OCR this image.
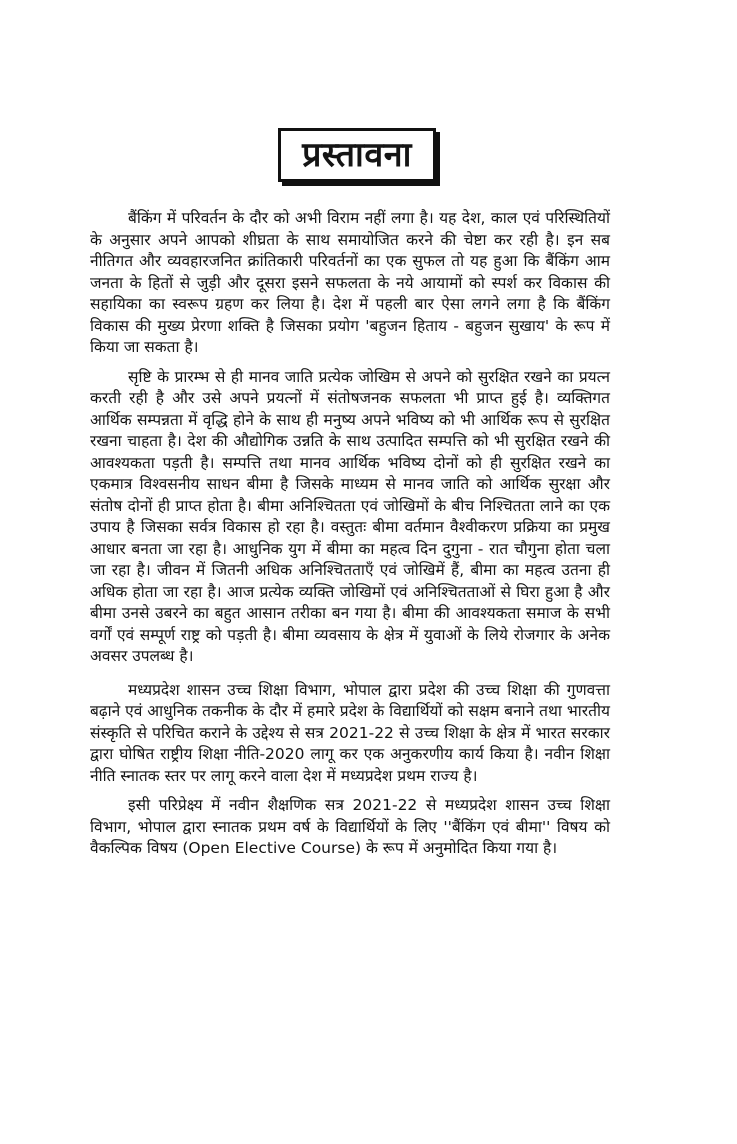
प्रस्तावना

बैंकिंग में परिवर्तन के दौर को अभी विराम नहीं लगा है। यह देश, काल एवं परिस्थितियों के अनुसार अपने आपको शीघ्रता के साथ समायोजित करने की चेष्टा कर रही है। इन सब नीतिगत और व्यवहारजनित क्रांतिकारी परिवर्तनों का एक सुफल तो यह हुआ कि बैंकिंग आम जनता के हितों से जुड़ी और दूसरा इसने सफलता के नये आयामों को स्पर्श कर विकास की सहायिका का स्वरूप ग्रहण कर लिया है। देश में पहली बार ऐसा लगने लगा है कि बैंकिंग विकास की मुख्य प्रेरणा शक्ति है जिसका प्रयोग 'बहुजन हिताय - बहुजन सुखाय' के रूप में किया जा सकता है।

सृष्टि के प्रारम्भ से ही मानव जाति प्रत्येक जोखिम से अपने को सुरक्षित रखने का प्रयत्न करती रही है और उसे अपने प्रयत्नों में संतोषजनक सफलता भी प्राप्त हुई है। व्यक्तिगत आर्थिक सम्पन्नता में वृद्धि होने के साथ ही मनुष्य अपने भविष्य को भी आर्थिक रूप से सुरक्षित रखना चाहता है। देश की औद्योगिक उन्नति के साथ उत्पादित सम्पत्ति को भी सुरक्षित रखने की आवश्यकता पड़ती है। सम्पत्ति तथा मानव आर्थिक भविष्य दोनों को ही सुरक्षित रखने का एकमात्र विश्वसनीय साधन बीमा है जिसके माध्यम से मानव जाति को आर्थिक सुरक्षा और संतोष दोनों ही प्राप्त होता है। बीमा अनिश्चितता एवं जोखिमों के बीच निश्चितता लाने का एक उपाय है जिसका सर्वत्र विकास हो रहा है। वस्तुतः बीमा वर्तमान वैश्वीकरण प्रक्रिया का प्रमुख आधार बनता जा रहा है। आधुनिक युग में बीमा का महत्व दिन दुगुना - रात चौगुना होता चला जा रहा है। जीवन में जितनी अधिक अनिश्चितताएँ एवं जोखिमें हैं, बीमा का महत्व उतना ही अधिक होता जा रहा है। आज प्रत्येक व्यक्ति जोखिमों एवं अनिश्चितताओं से घिरा हुआ है और बीमा उनसे उबरने का बहुत आसान तरीका बन गया है। बीमा की आवश्यकता समाज के सभी वर्गों एवं सम्पूर्ण राष्ट्र को पड़ती है। बीमा व्यवसाय के क्षेत्र में युवाओं के लिये रोजगार के अनेक अवसर उपलब्ध है।

मध्यप्रदेश शासन उच्च शिक्षा विभाग, भोपाल द्वारा प्रदेश की उच्च शिक्षा की गुणवत्ता बढ़ाने एवं आधुनिक तकनीक के दौर में हमारे प्रदेश के विद्यार्थियों को सक्षम बनाने तथा भारतीय संस्कृति से परिचित कराने के उद्देश्य से सत्र 2021-22 से उच्च शिक्षा के क्षेत्र में भारत सरकार द्वारा घोषित राष्ट्रीय शिक्षा नीति-2020 लागू कर एक अनुकरणीय कार्य किया है। नवीन शिक्षा नीति स्नातक स्तर पर लागू करने वाला देश में मध्यप्रदेश प्रथम राज्य है।

इसी परिप्रेक्ष्य में नवीन शैक्षणिक सत्र 2021-22 से मध्यप्रदेश शासन उच्च शिक्षा विभाग, भोपाल द्वारा स्नातक प्रथम वर्ष के विद्यार्थियों के लिए ''बैंकिंग एवं बीमा'' विषय को वैकल्पिक विषय (Open Elective Course) के रूप में अनुमोदित किया गया है।
